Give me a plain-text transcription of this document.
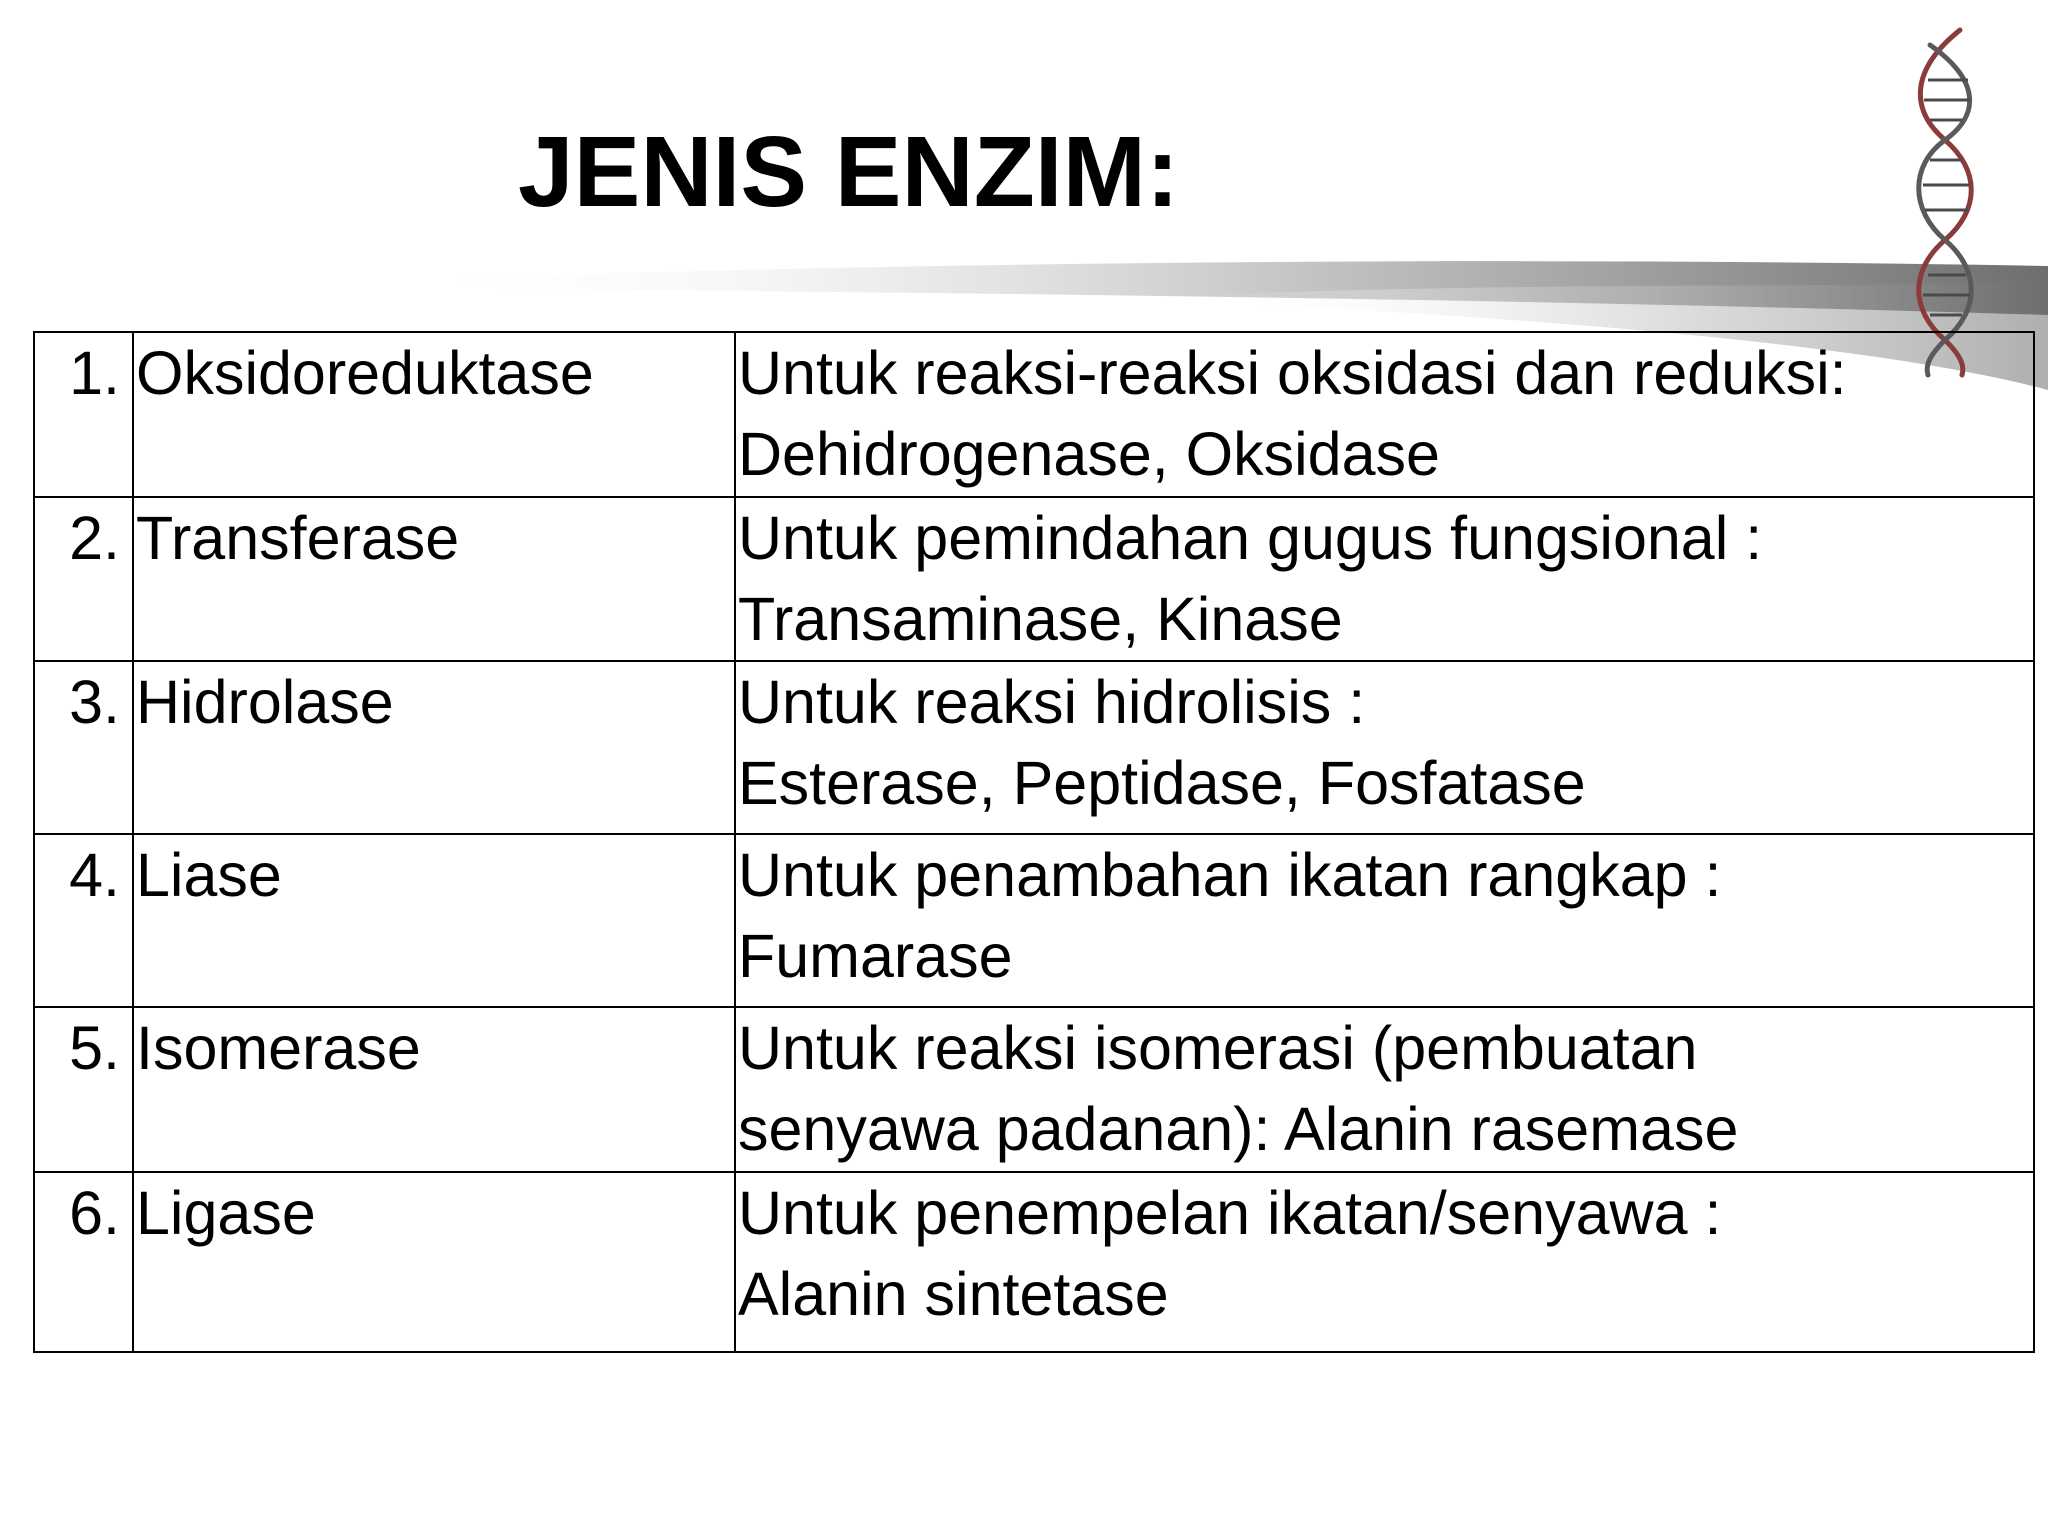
JENIS ENZIM:
1.	Oksidoreduktase	Untuk reaksi-reaksi oksidasi dan reduksi:
Dehidrogenase, Oksidase

2.	Transferase	Untuk pemindahan gugus fungsional :
Transaminase, Kinase

3.	Hidrolase	Untuk reaksi hidrolisis :
Esterase, Peptidase, Fosfatase

4.	Liase	Untuk penambahan ikatan rangkap :
Fumarase

5.	Isomerase	Untuk reaksi isomerasi (pembuatan
senyawa padanan): Alanin rasemase

6.	Ligase	Untuk penempelan ikatan/senyawa :
Alanin sintetase
